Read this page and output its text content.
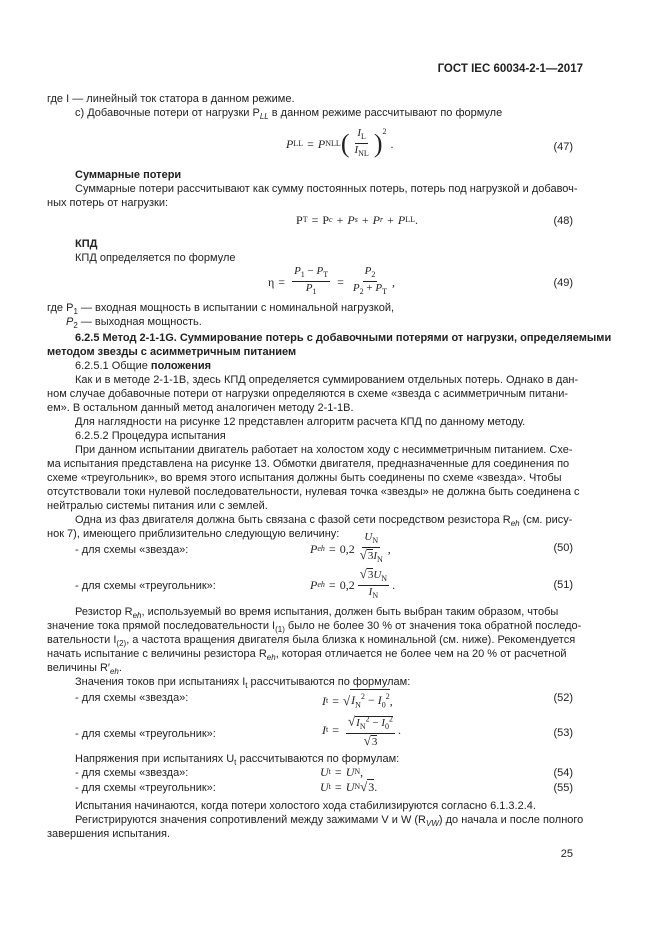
ГОСТ IEC 60034-2-1—2017
где I — линейный ток статора в данном режиме.
c) Добавочные потери от нагрузки $P_{LL}$ в данном режиме рассчитывают по формуле
P LL = P NLL ( $\frac{I_L}{I_{NL}} )^2$
.	(47)
Суммарные потери
Суммарные потери рассчитывают как сумму постоянных потерь, потерь под нагрузкой и добавоч-
ных потерь от нагрузки:
P T = P c + P s + P r + P LL .	(48)
КПД
КПД определяется по формуле
$\eta = \frac{P_1 - P_T}{P_1} = \frac{P_2}{P_2 + P_T}$ ,	(49)
где $P_1$ — входная мощность в испытании с номинальной нагрузкой,
$P_2$ — выходная мощность.
6.2.5 Метод 2-1-1G. Суммирование потерь с добавочными потерями от нагрузки, определяемыми
методом звезды с асимметричным питанием
6.2.5.1 Общие положения
Как и в методе 2-1-1B, здесь КПД определяется суммированием отдельных потерь. Однако в дан-
ном случае добавочные потери от нагрузки определяются в схеме «звезда с асимметричным питани-
ем». В остальном данный метод аналогичен методу 2-1-1B.
Для наглядности на рисунке 12 представлен алгоритм расчета КПД по данному методу.
6.2.5.2 Процедура испытания
При данном испытании двигатель работает на холостом ходу с несимметричным питанием. Схе-
ма испытания представлена на рисунке 13. Обмотки двигателя, предназначенные для соединения по
схеме «треугольник», во время этого испытания должны быть соединены по схеме «звезда». Чтобы
отсутствовали токи нулевой последовательности, нулевая точка «звезды» не должна быть соединена с
нейтралью системы питания или с землей.
Одна из фаз двигателя должна быть связана с фазой сети посредством резистора $R_{eh}$ (см. рису-
нок 7), имеющего приблизительно следующую величину:
- для схемы «звезда»:	P eh = $0,2 \frac{U_N}{√3I_N}$ ,	(50)
- для схемы «треугольник»:	P eh = $0,2 \frac{√3U_N}{I_N}$ .	(51)
Резистор $R_{eh}$, используемый во время испытания, должен быть выбран таким образом, чтобы
значение тока прямой последовательности $I_{(1)}$ было не более 30 % от значения тока обратной последо-
вательности $I_{(2)}$, а частота вращения двигателя была близка к номинальной (см. ниже). Рекомендуется
начать испытание с величины резистора $R_{eh}$, которая отличается не более чем на 20 % от расчетной
величины $R'_{eh}$.
Значения токов при испытаниях $I_t$ рассчитываются по формулам:
- для схемы «звезда»:	I t = √ $I_N^2 - I_0^2$ ,	(52)
- для схемы «треугольник»:	I $t = \frac{√I_N^2 - I_0^2}{√3}$ .	(53)
Напряжения при испытаниях $U_t$ рассчитываются по формулам:
- для схемы «звезда»:	U t = U N ,	(54)
- для схемы «треугольник»:	U t = U N √ 3 .	(55)
Испытания начинаются, когда потери холостого хода стабилизируются согласно 6.1.3.2.4.
Регистрируются значения сопротивлений между зажимами V и W $(R_{VW})$ до начала и после полного
завершения испытания.
25
